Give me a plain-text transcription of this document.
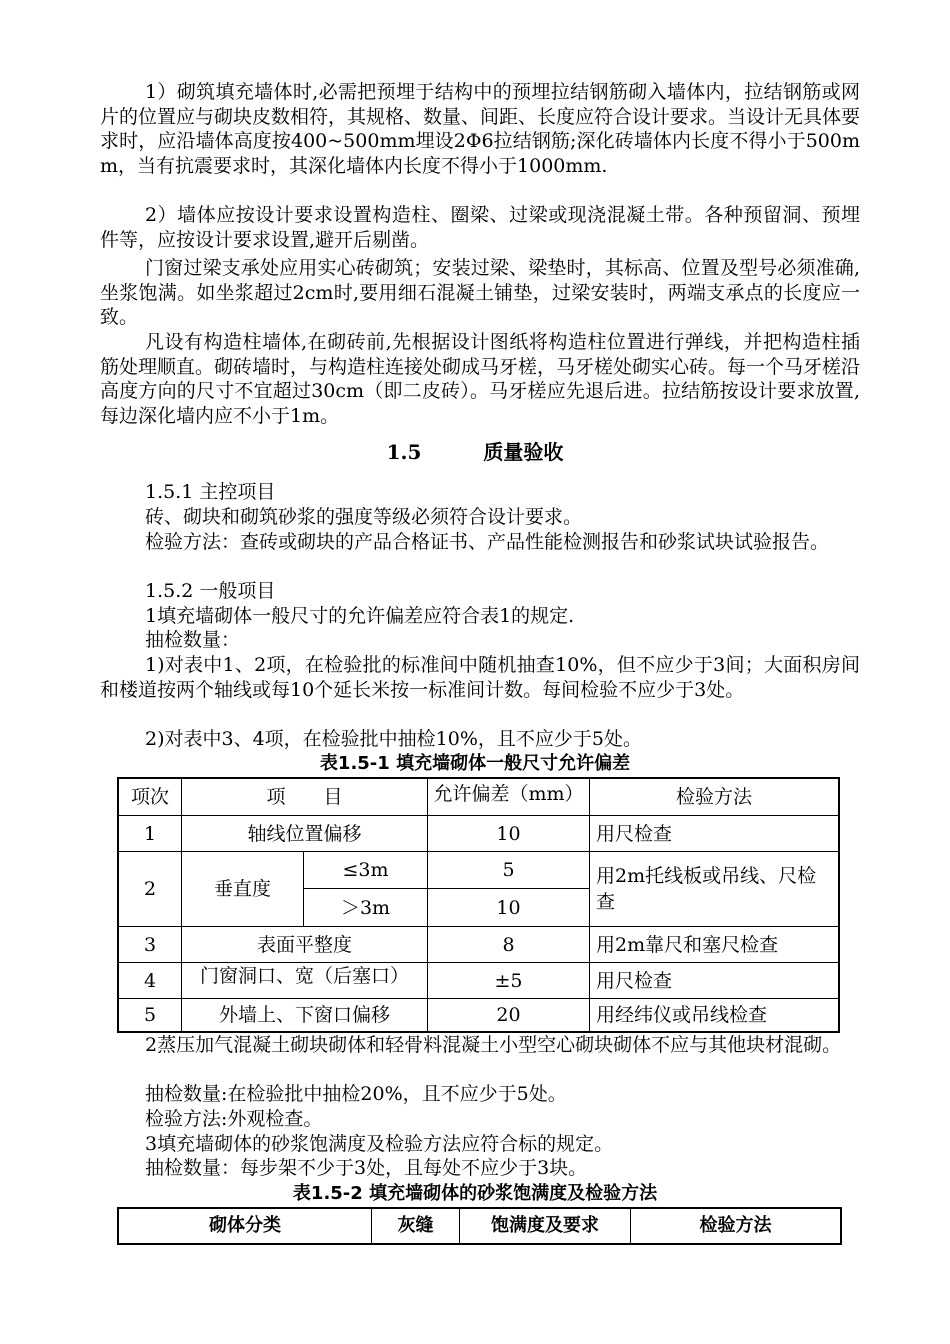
1）砌筑填充墙体时,必需把预埋于结构中的预埋拉结钢筋砌入墙体内，拉结钢筋或网片的位置应与砌块皮数相符，其规格、数量、间距、长度应符合设计要求。当设计无具体要求时，应沿墙体高度按400~500mm埋设2Φ6拉结钢筋;深化砖墙体内长度不得小于500mm，当有抗震要求时，其深化墙体内长度不得小于1000mm.

2）墙体应按设计要求设置构造柱、圈梁、过梁或现浇混凝土带。各种预留洞、预埋件等，应按设计要求设置,避开后剔凿。

门窗过梁支承处应用实心砖砌筑；安装过梁、梁垫时，其标高、位置及型号必须准确,坐浆饱满。如坐浆超过2cm时,要用细石混凝土铺垫，过梁安装时，两端支承点的长度应一致。

凡设有构造柱墙体,在砌砖前,先根据设计图纸将构造柱位置进行弹线，并把构造柱插筋处理顺直。砌砖墙时，与构造柱连接处砌成马牙槎，马牙槎处砌实心砖。每一个马牙槎沿高度方向的尺寸不宜超过30cm（即二皮砖）。马牙槎应先退后进。拉结筋按设计要求放置,每边深化墙内应不小于1m。

1.5	质量验收

1.5.1 主控项目

砖、砌块和砌筑砂浆的强度等级必须符合设计要求。

检验方法：查砖或砌块的产品合格证书、产品性能检测报告和砂浆试块试验报告。

1.5.2 一般项目

1填充墙砌体一般尺寸的允许偏差应符合表1的规定.

抽检数量：

1)对表中1、2项，在检验批的标准间中随机抽查10%，但不应少于3间；大面积房间和楼道按两个轴线或每10个延长米按一标准间计数。每间检验不应少于3处。

2)对表中3、4项，在检验批中抽检10%，且不应少于5处。

表1.5-1 填充墙砌体一般尺寸允许偏差
项次	项　　目	允许偏差（mm）	检验方法
1	轴线位置偏移	10	用尺检查
2	垂直度
≤3m	5
＞3m	10
用2m托线板或吊线、尺检查
3	表面平整度	8	用2m靠尺和塞尺检查
4	门窗洞口、宽（后塞口）	±5	用尺检查
5	外墙上、下窗口偏移	20	用经纬仪或吊线检查

2蒸压加气混凝土砌块砌体和轻骨料混凝土小型空心砌块砌体不应与其他块材混砌。

抽检数量:在检验批中抽检20%，且不应少于5处。

检验方法:外观检查。

3填充墙砌体的砂浆饱满度及检验方法应符合标的规定。

抽检数量：每步架不少于3处，且每处不应少于3块。

表1.5-2 填充墙砌体的砂浆饱满度及检验方法
砌体分类	灰缝	饱满度及要求	检验方法
